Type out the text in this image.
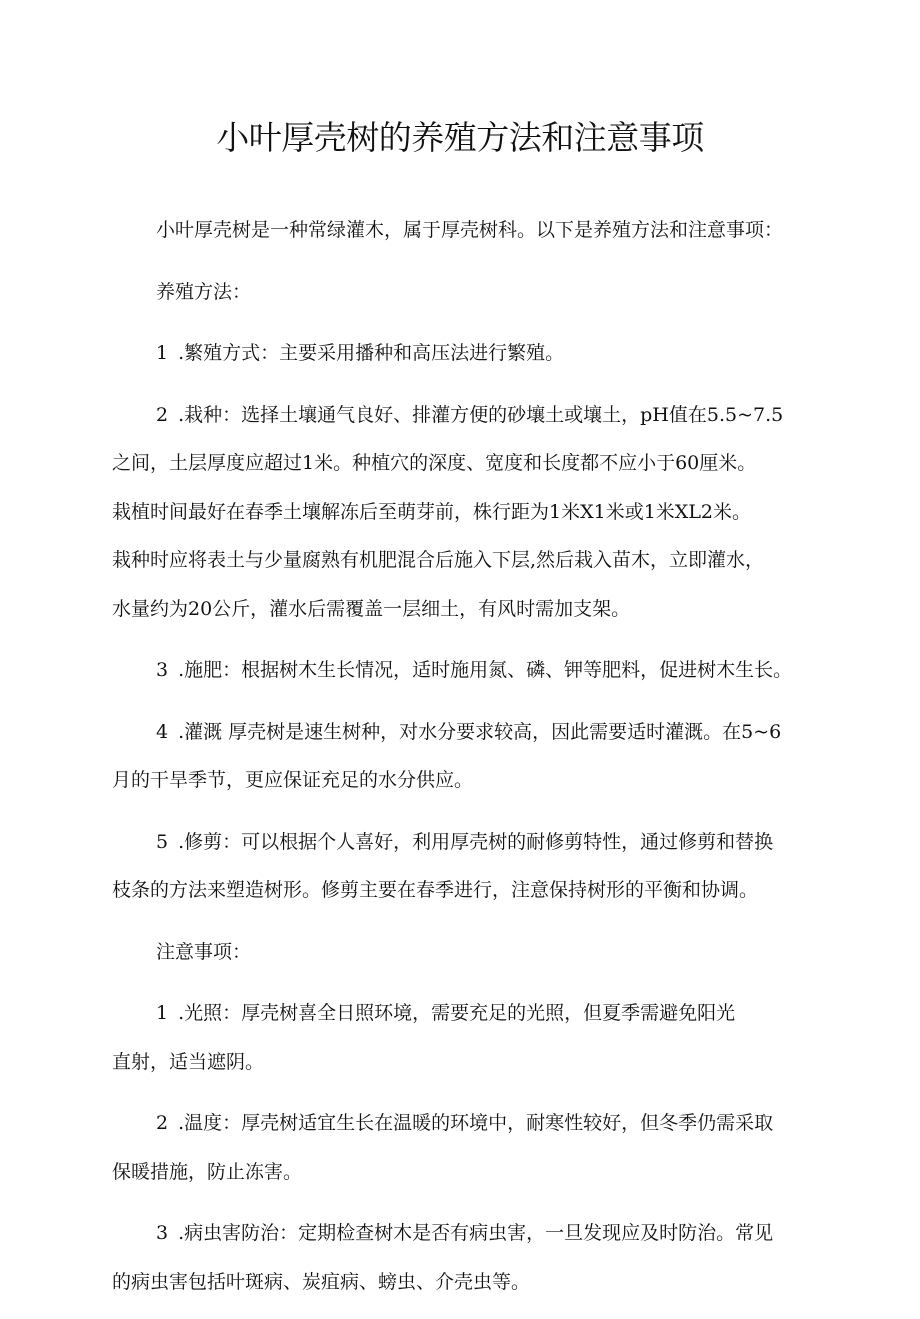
小叶厚壳树的养殖方法和注意事项
小叶厚壳树是一种常绿灌木，属于厚壳树科。以下是养殖方法和注意事项：
养殖方法：
1 .繁殖方式：主要采用播种和高压法进行繁殖。
2 .栽种：选择土壤通气良好、排灌方便的砂壤土或壤土，pH值在5.5~7.5
之间，土层厚度应超过1米。种植穴的深度、宽度和长度都不应小于60厘米。
栽植时间最好在春季土壤解冻后至萌芽前，株行距为1米X1米或1米XL2米。
栽种时应将表土与少量腐熟有机肥混合后施入下层,然后栽入苗木，立即灌水，
水量约为20公斤，灌水后需覆盖一层细土，有风时需加支架。
3 .施肥：根据树木生长情况，适时施用氮、磷、钾等肥料，促进树木生长。
4 .灌溉 厚壳树是速生树种，对水分要求较高，因此需要适时灌溉。在5~6
月的干旱季节，更应保证充足的水分供应。
5 .修剪：可以根据个人喜好，利用厚壳树的耐修剪特性，通过修剪和替换
枝条的方法来塑造树形。修剪主要在春季进行，注意保持树形的平衡和协调。
注意事项：
1 .光照：厚壳树喜全日照环境，需要充足的光照，但夏季需避免阳光
直射，适当遮阴。
2 .温度：厚壳树适宜生长在温暖的环境中，耐寒性较好，但冬季仍需采取
保暖措施，防止冻害。
3 .病虫害防治：定期检查树木是否有病虫害，一旦发现应及时防治。常见
的病虫害包括叶斑病、炭疽病、螃虫、介壳虫等。
